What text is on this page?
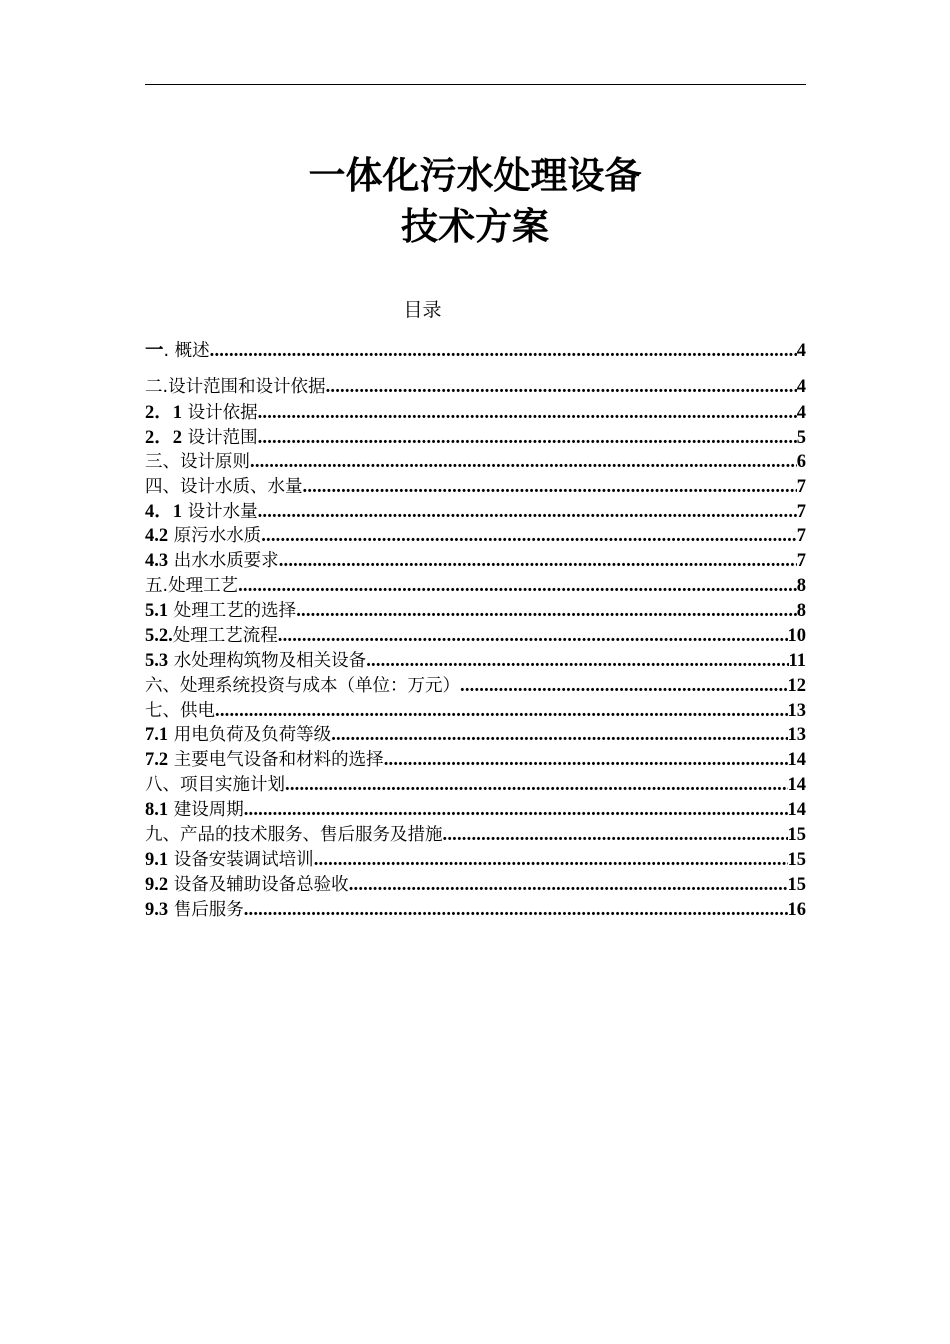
一体化污水处理设备
技术方案
目录
一. 概述 .....	4
二.设计范围和设计依据 .....	4
2．1 设计依据 .....	4
2．2 设计范围 .....	5
三、设计原则 .....	6
四、设计水质、水量 .....	7
4．1 设计水量 .....	7
4.2 原污水水质 .....	7
4.3 出水水质要求 .....	7
五.处理工艺 .....	8
5.1 处理工艺的选择 .....	8
5.2.处理工艺流程 .....	10
5.3 水处理构筑物及相关设备 .....	11
六、处理系统投资与成本（单位：万元） .....	12
七、供电 .....	13
7.1 用电负荷及负荷等级 .....	13
7.2 主要电气设备和材料的选择 .....	14
八、项目实施计划 .....	14
8.1 建设周期 .....	14
九、产品的技术服务、售后服务及措施 .....	15
9.1 设备安装调试培训 .....	15
9.2 设备及辅助设备总验收 .....	15
9.3 售后服务 .....	16
